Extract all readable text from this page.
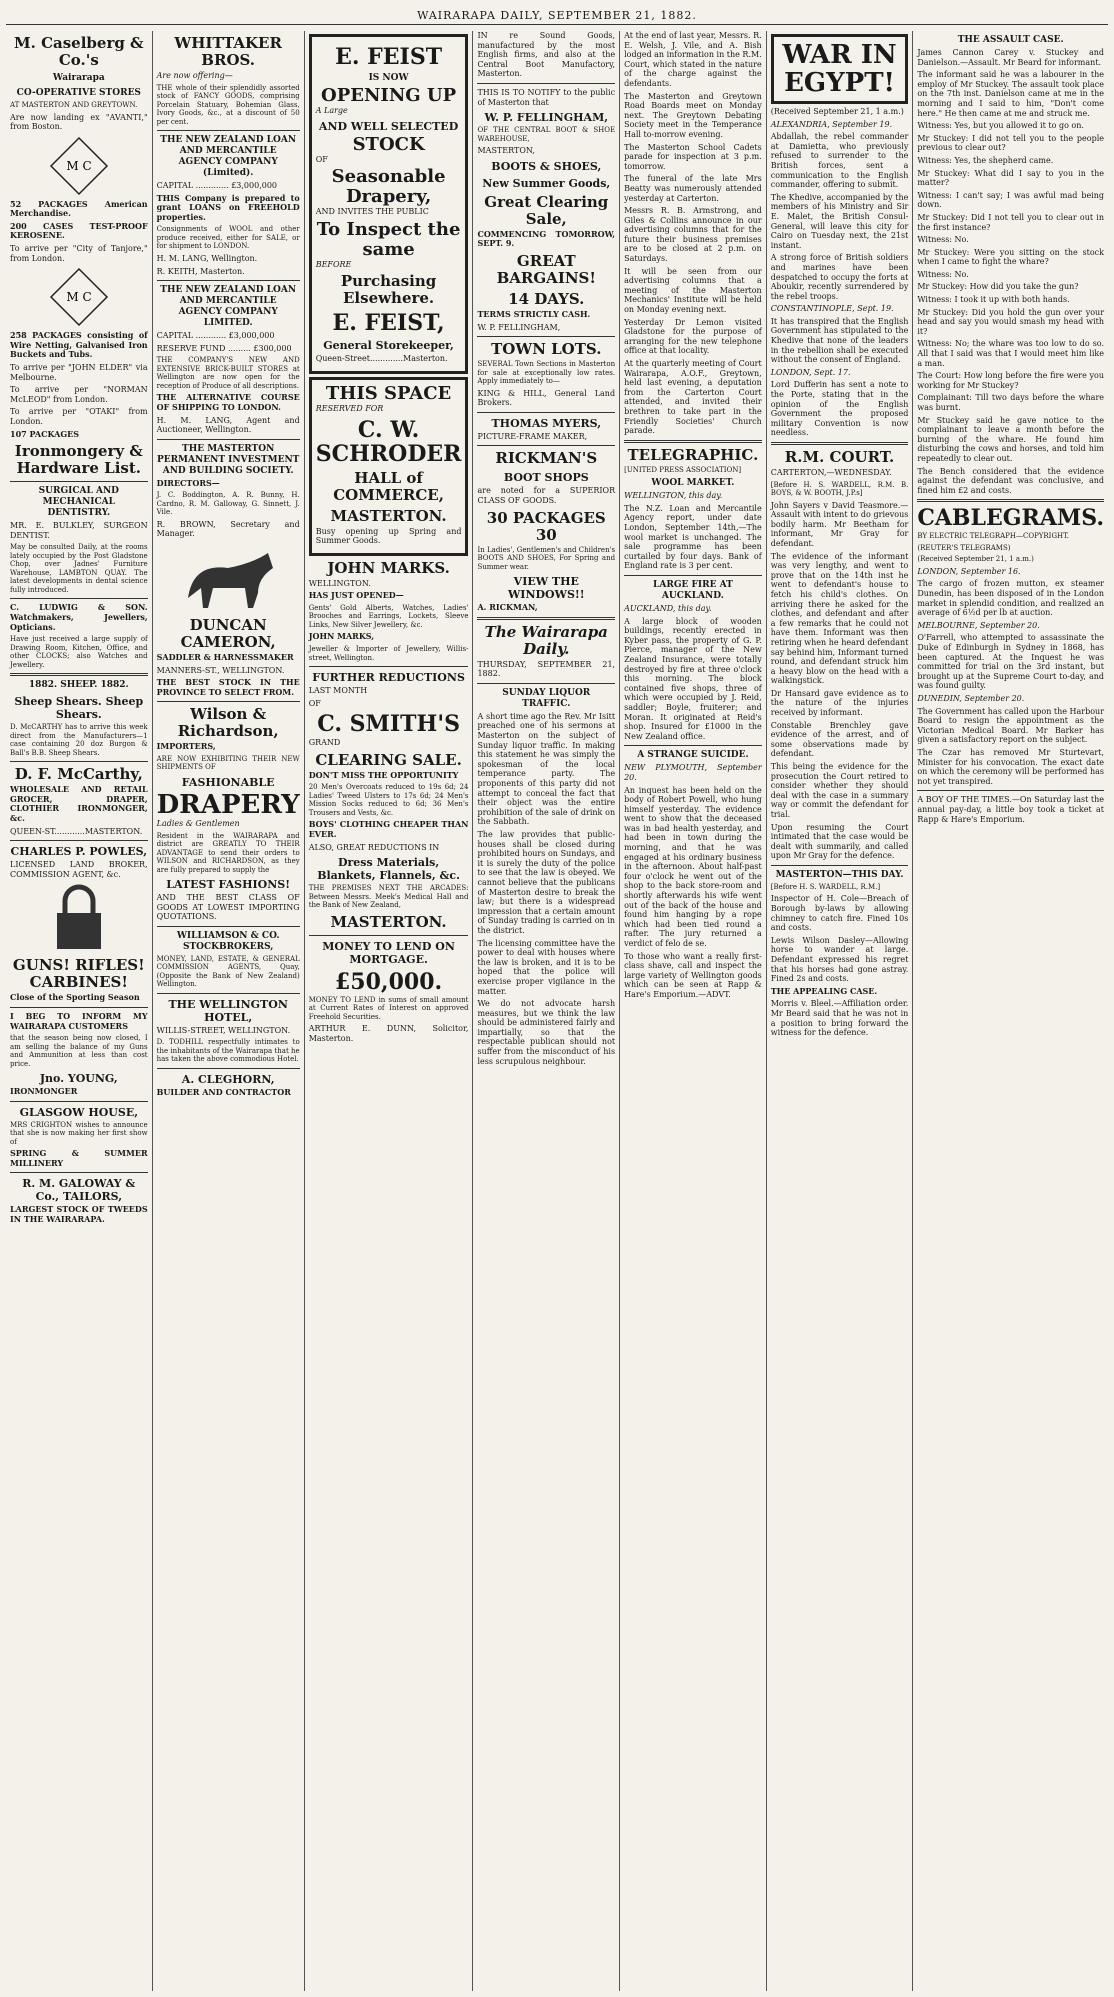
WAIRARAPA DAILY, SEPTEMBER 21, 1882.
M. Caselberg & Co.'s
Wairarapa
CO-OPERATIVE STORES

AT MASTERTON AND GREYTOWN.

Are now landing ex "AVANTI," from Boston.

M C

52 PACKAGES American Merchandise.

200 CASES TEST-PROOF KEROSENE.

To arrive per "City of Tanjore," from London.

M C

258 PACKAGES consisting of Wire Netting, Galvanised Iron Buckets and Tubs.

To arrive per "JOHN ELDER" via Melbourne.

To arrive per "NORMAN McLEOD" from London.

To arrive per "OTAKI" from London.

107 PACKAGES

Ironmongery & Hardware List.
SURGICAL AND MECHANICAL DENTISTRY.

MR. E. BULKLEY, SURGEON DENTIST.

May be consulted Daily, at the rooms lately occupied by the Post Gladstone Chop, over Jadnes' Furniture Warehouse, LAMBTON QUAY. The latest developments in dental science fully introduced.

C. LUDWIG & SON. Watchmakers, Jewellers, Opticians.

Have just received a large supply of Drawing Room, Kitchen, Office, and other CLOCKS; also Watches and Jewellery.

1882. SHEEP. 1882.
Sheep Shears. Sheep Shears.

D. McCARTHY has to arrive this week direct from the Manufacturers—1 case containing 20 doz Burgon & Ball's B.B. Sheep Shears.

D. F. McCarthy,

WHOLESALE AND RETAIL GROCER, DRAPER, CLOTHIER IRONMONGER, &c.

QUEEN-ST............MASTERTON.

CHARLES P. POWLES,

LICENSED LAND BROKER, COMMISSION AGENT, &c.

GUNS! RIFLES! CARBINES!

Close of the Sporting Season

I BEG TO INFORM MY WAIRARAPA CUSTOMERS

that the season being now closed, I am selling the balance of my Guns and Ammunition at less than cost price.

Jno. YOUNG,

IRONMONGER

GLASGOW HOUSE,

MRS CRIGHTON wishes to announce that she is now making her first show of

SPRING & SUMMER MILLINERY

R. M. GALOWAY & Co., TAILORS,

LARGEST STOCK OF TWEEDS IN THE WAIRARAPA.

WHITTAKER BROS.

Are now offering—

THE whole of their splendidly assorted stock of FANCY GOODS, comprising Porcelain Statuary, Bohemian Glass, Ivory Goods, &c., at a discount of 50 per cent.

THE NEW ZEALAND LOAN AND MERCANTILE AGENCY COMPANY (Limited).

CAPITAL ............. £3,000,000

THIS Company is prepared to grant LOANS on FREEHOLD properties.

Consignments of WOOL and other produce received, either for SALE, or for shipment to LONDON.

H. M. LANG, Wellington.

R. KEITH, Masterton.

THE NEW ZEALAND LOAN AND MERCANTILE AGENCY COMPANY LIMITED.

CAPITAL ............ £3,000,000

RESERVE FUND ......... £300,000

THE COMPANY'S NEW AND EXTENSIVE BRICK-BUILT STORES at Wellington are now open for the reception of Produce of all descriptions.

THE ALTERNATIVE COURSE OF SHIPPING TO LONDON.

H. M. LANG, Agent and Auctioneer, Wellington.

THE MASTERTON PERMANENT INVESTMENT AND BUILDING SOCIETY.

DIRECTORS—

J. C. Boddington, A. R. Bunny, H. Cardno, R. M. Galloway, G. Sinnett, J. Vile.

R. BROWN, Secretary and Manager.

DUNCAN CAMERON,

SADDLER & HARNESSMAKER

MANNERS-ST., WELLINGTON.

THE BEST STOCK IN THE PROVINCE TO SELECT FROM.

Wilson & Richardson,

IMPORTERS,

ARE NOW EXHIBITING THEIR NEW SHIPMENTS OF

FASHIONABLE
DRAPERY

Ladies & Gentlemen

Resident in the WAIRARAPA and district are GREATLY TO THEIR ADVANTAGE to send their orders to WILSON and RICHARDSON, as they are fully prepared to supply the

LATEST FASHIONS!

AND THE BEST CLASS OF GOODS AT LOWEST IMPORTING QUOTATIONS.

WILLIAMSON & CO. STOCKBROKERS,

MONEY, LAND, ESTATE, & GENERAL COMMISSION AGENTS, Quay, (Opposite the Bank of New Zealand) Wellington.

THE WELLINGTON HOTEL,

WILLIS-STREET, WELLINGTON.

D. TODHILL respectfully intimates to the inhabitants of the Wairarapa that he has taken the above commodious Hotel.

A. CLEGHORN,

BUILDER AND CONTRACTOR

E. FEIST
IS NOW
OPENING UP

A Large

AND WELL SELECTED
STOCK

OF

Seasonable Drapery,

AND INVITES THE PUBLIC

To Inspect the same

BEFORE

Purchasing Elsewhere.
E. FEIST,
General Storekeeper,

Queen-Street.............Masterton.

THIS SPACE

RESERVED FOR

C. W. SCHRODER
HALL of COMMERCE,
MASTERTON.

Busy opening up Spring and Summer Goods.

JOHN MARKS.

WELLINGTON.

HAS JUST OPENED—

Gents' Gold Alberts, Watches, Ladies' Brooches and Earrings, Lockets, Sleeve Links, New Silver Jewellery, &c.

JOHN MARKS,

Jeweller & Importer of Jewellery, Willis-street, Wellington.

FURTHER REDUCTIONS

LAST MONTH

OF

C. SMITH'S

GRAND

CLEARING SALE.

DON'T MISS THE OPPORTUNITY

20 Men's Overcoats reduced to 19s 6d; 24 Ladies' Tweed Ulsters to 17s 6d; 24 Men's Mission Socks reduced to 6d; 36 Men's Trousers and Vests, &c.

BOYS' CLOTHING CHEAPER THAN EVER.

ALSO, GREAT REDUCTIONS IN

Dress Materials, Blankets, Flannels, &c.

THE PREMISES NEXT THE ARCADES: Between Messrs. Meek's Medical Hall and the Bank of New Zealand,

MASTERTON.
MONEY TO LEND ON MORTGAGE.
£50,000.

MONEY TO LEND in sums of small amount at Current Rates of Interest on approved Freehold Securities.

ARTHUR E. DUNN, Solicitor, Masterton.

IN re Sound Goods, manufactured by the most English firms, and also at the Central Boot Manufactory, Masterton.

THIS IS TO NOTIFY to the public of Masterton that

W. P. FELLINGHAM,

OF THE CENTRAL BOOT & SHOE WAREHOUSE,

MASTERTON,

BOOTS & SHOES,
New Summer Goods,
Great Clearing Sale,

COMMENCING TOMORROW, SEPT. 9.

GREAT BARGAINS!
14 DAYS.

TERMS STRICTLY CASH.

W. P. FELLINGHAM,

TOWN LOTS.

SEVERAL Town Sections in Masterton for sale at exceptionally low rates. Apply immediately to—

KING & HILL, General Land Brokers.

THOMAS MYERS,

PICTURE-FRAME MAKER,

RICKMAN'S
BOOT SHOPS

are noted for a SUPERIOR CLASS OF GOODS.

30 PACKAGES 30

In Ladies', Gentlemen's and Children's BOOTS AND SHOES, For Spring and Summer wear.

VIEW THE WINDOWS!!

A. RICKMAN,

The Wairarapa Daily.

THURSDAY, SEPTEMBER 21, 1882.

SUNDAY LIQUOR TRAFFIC.

A short time ago the Rev. Mr Isitt preached one of his sermons at Masterton on the subject of Sunday liquor traffic. In making this statement he was simply the spokesman of the local temperance party. The proponents of this party did not attempt to conceal the fact that their object was the entire prohibition of the sale of drink on the Sabbath.

The law provides that public-houses shall be closed during prohibited hours on Sundays, and it is surely the duty of the police to see that the law is obeyed. We cannot believe that the publicans of Masterton desire to break the law; but there is a widespread impression that a certain amount of Sunday trading is carried on in the district.

The licensing committee have the power to deal with houses where the law is broken, and it is to be hoped that the police will exercise proper vigilance in the matter.

We do not advocate harsh measures, but we think the law should be administered fairly and impartially, so that the respectable publican should not suffer from the misconduct of his less scrupulous neighbour.

At the end of last year, Messrs. R. E. Welsh, J. Vile, and A. Bish lodged an information in the R.M. Court, which stated in the nature of the charge against the defendants.

The Masterton and Greytown Road Boards meet on Monday next. The Greytown Debating Society meet in the Temperance Hall to-morrow evening.

The Masterton School Cadets parade for inspection at 3 p.m. tomorrow.

The funeral of the late Mrs Beatty was numerously attended yesterday at Carterton.

Messrs R. B. Armstrong, and Giles & Collins announce in our advertising columns that for the future their business premises are to be closed at 2 p.m. on Saturdays.

It will be seen from our advertising columns that a meeting of the Masterton Mechanics' Institute will be held on Monday evening next.

Yesterday Dr Lemon visited Gladstone for the purpose of arranging for the new telephone office at that locality.

At the quarterly meeting of Court Wairarapa, A.O.F., Greytown, held last evening, a deputation from the Carterton Court attended, and invited their brethren to take part in the Friendly Societies' Church parade.

TELEGRAPHIC.

[UNITED PRESS ASSOCIATION]

WOOL MARKET.

WELLINGTON, this day.

The N.Z. Loan and Mercantile Agency report, under date London, September 14th,—The wool market is unchanged. The sale programme has been curtailed by four days. Bank of England rate is 3 per cent.

LARGE FIRE AT AUCKLAND.

AUCKLAND, this day.

A large block of wooden buildings, recently erected in Kyber pass, the property of G. P. Pierce, manager of the New Zealand Insurance, were totally destroyed by fire at three o'clock this morning. The block contained five shops, three of which were occupied by J. Reid, saddler; Boyle, fruiterer; and Moran. It originated at Reid's shop. Insured for £1000 in the New Zealand office.

A STRANGE SUICIDE.

NEW PLYMOUTH, September 20.

An inquest has been held on the body of Robert Powell, who hung himself yesterday. The evidence went to show that the deceased was in bad health yesterday, and had been in town during the morning, and that he was engaged at his ordinary business in the afternoon. About half-past four o'clock he went out of the shop to the back store-room and shortly afterwards his wife went out of the back of the house and found him hanging by a rope which had been tied round a rafter. The jury returned a verdict of felo de se.

To those who want a really first-class shave, call and inspect the large variety of Wellington goods which can be seen at Rapp & Hare's Emporium.—ADVT.

WAR IN EGYPT!

(Received September 21, 1 a.m.)

ALEXANDRIA, September 19.

Abdallah, the rebel commander at Damietta, who previously refused to surrender to the British forces, sent a communication to the English commander, offering to submit.

The Khedive, accompanied by the members of his Ministry and Sir E. Malet, the British Consul-General, will leave this city for Cairo on Tuesday next, the 21st instant.

A strong force of British soldiers and marines have been despatched to occupy the forts at Aboukir, recently surrendered by the rebel troops.

CONSTANTINOPLE, Sept. 19.

It has transpired that the English Government has stipulated to the Khedive that none of the leaders in the rebellion shall be executed without the consent of England.

LONDON, Sept. 17.

Lord Dufferin has sent a note to the Porte, stating that in the opinion of the English Government the proposed military Convention is now needless.

R.M. COURT.

CARTERTON,—WEDNESDAY.

[Before H. S. WARDELL, R.M. B. BOYS, & W. BOOTH, J.P.s]

John Sayers v David Teasmore.—Assault with intent to do grievous bodily harm. Mr Beetham for informant, Mr Gray for defendant.

The evidence of the informant was very lengthy, and went to prove that on the 14th inst he went to defendant's house to fetch his child's clothes. On arriving there he asked for the clothes, and defendant and after a few remarks that he could not have them. Informant was then retiring when he heard defendant say behind him, Informant turned round, and defendant struck him a heavy blow on the head with a walkingstick.

Dr Hansard gave evidence as to the nature of the injuries received by informant.

Constable Brenchley gave evidence of the arrest, and of some observations made by defendant.

This being the evidence for the prosecution the Court retired to consider whether they should deal with the case in a summary way or commit the defendant for trial.

Upon resuming the Court intimated that the case would be dealt with summarily, and called upon Mr Gray for the defence.

MASTERTON—THIS DAY.

[Before H. S. WARDELL, R.M.]

Inspector of H. Cole—Breach of Borough by-laws by allowing chimney to catch fire. Fined 10s and costs.

Lewis Wilson Dasley—Allowing horse to wander at large. Defendant expressed his regret that his horses had gone astray. Fined 2s and costs.

THE APPEALING CASE.

Morris v. Bleel.—Affiliation order. Mr Beard said that he was not in a position to bring forward the witness for the defence.

THE ASSAULT CASE.

James Cannon Carey v. Stuckey and Danielson.—Assault. Mr Beard for informant.

The informant said he was a labourer in the employ of Mr Stuckey. The assault took place on the 7th inst. Danielson came at me in the morning and I said to him, "Don't come here." He then came at me and struck me.

Witness: Yes, but you allowed it to go on.

Mr Stuckey: I did not tell you to the people previous to clear out?

Witness: Yes, the shepherd came.

Mr Stuckey: What did I say to you in the matter?

Witness: I can't say; I was awful mad being down.

Mr Stuckey: Did I not tell you to clear out in the first instance?

Witness: No.

Mr Stuckey: Were you sitting on the stock when I came to fight the whare?

Witness: No.

Mr Stuckey: How did you take the gun?

Witness: I took it up with both hands.

Mr Stuckey: Did you hold the gun over your head and say you would smash my head with it?

Witness: No; the whare was too low to do so. All that I said was that I would meet him like a man.

The Court: How long before the fire were you working for Mr Stuckey?

Complainant: Till two days before the whare was burnt.

Mr Stuckey said he gave notice to the complainant to leave a month before the burning of the whare. He found him disturbing the cows and horses, and told him repeatedly to clear out.

The Bench considered that the evidence against the defendant was conclusive, and fined him £2 and costs.

CABLEGRAMS.

BY ELECTRIC TELEGRAPH—COPYRIGHT.

(REUTER'S TELEGRAMS)

(Received September 21, 1 a.m.)

LONDON, September 16.

The cargo of frozen mutton, ex steamer Dunedin, has been disposed of in the London market in splendid condition, and realized an average of 6½d per lb at auction.

MELBOURNE, September 20.

O'Farrell, who attempted to assassinate the Duke of Edinburgh in Sydney in 1868, has been captured. At the Inquest he was committed for trial on the 3rd instant, but brought up at the Supreme Court to-day, and was found guilty.

DUNEDIN, September 20.

The Government has called upon the Harbour Board to resign the appointment as the Victorian Medical Board. Mr Barker has given a satisfactory report on the subject.

The Czar has removed Mr Sturtevart, Minister for his convocation. The exact date on which the ceremony will be performed has not yet transpired.

A BOY OF THE TIMES.—On Saturday last the annual pay-day, a little boy took a ticket at Rapp & Hare's Emporium.
